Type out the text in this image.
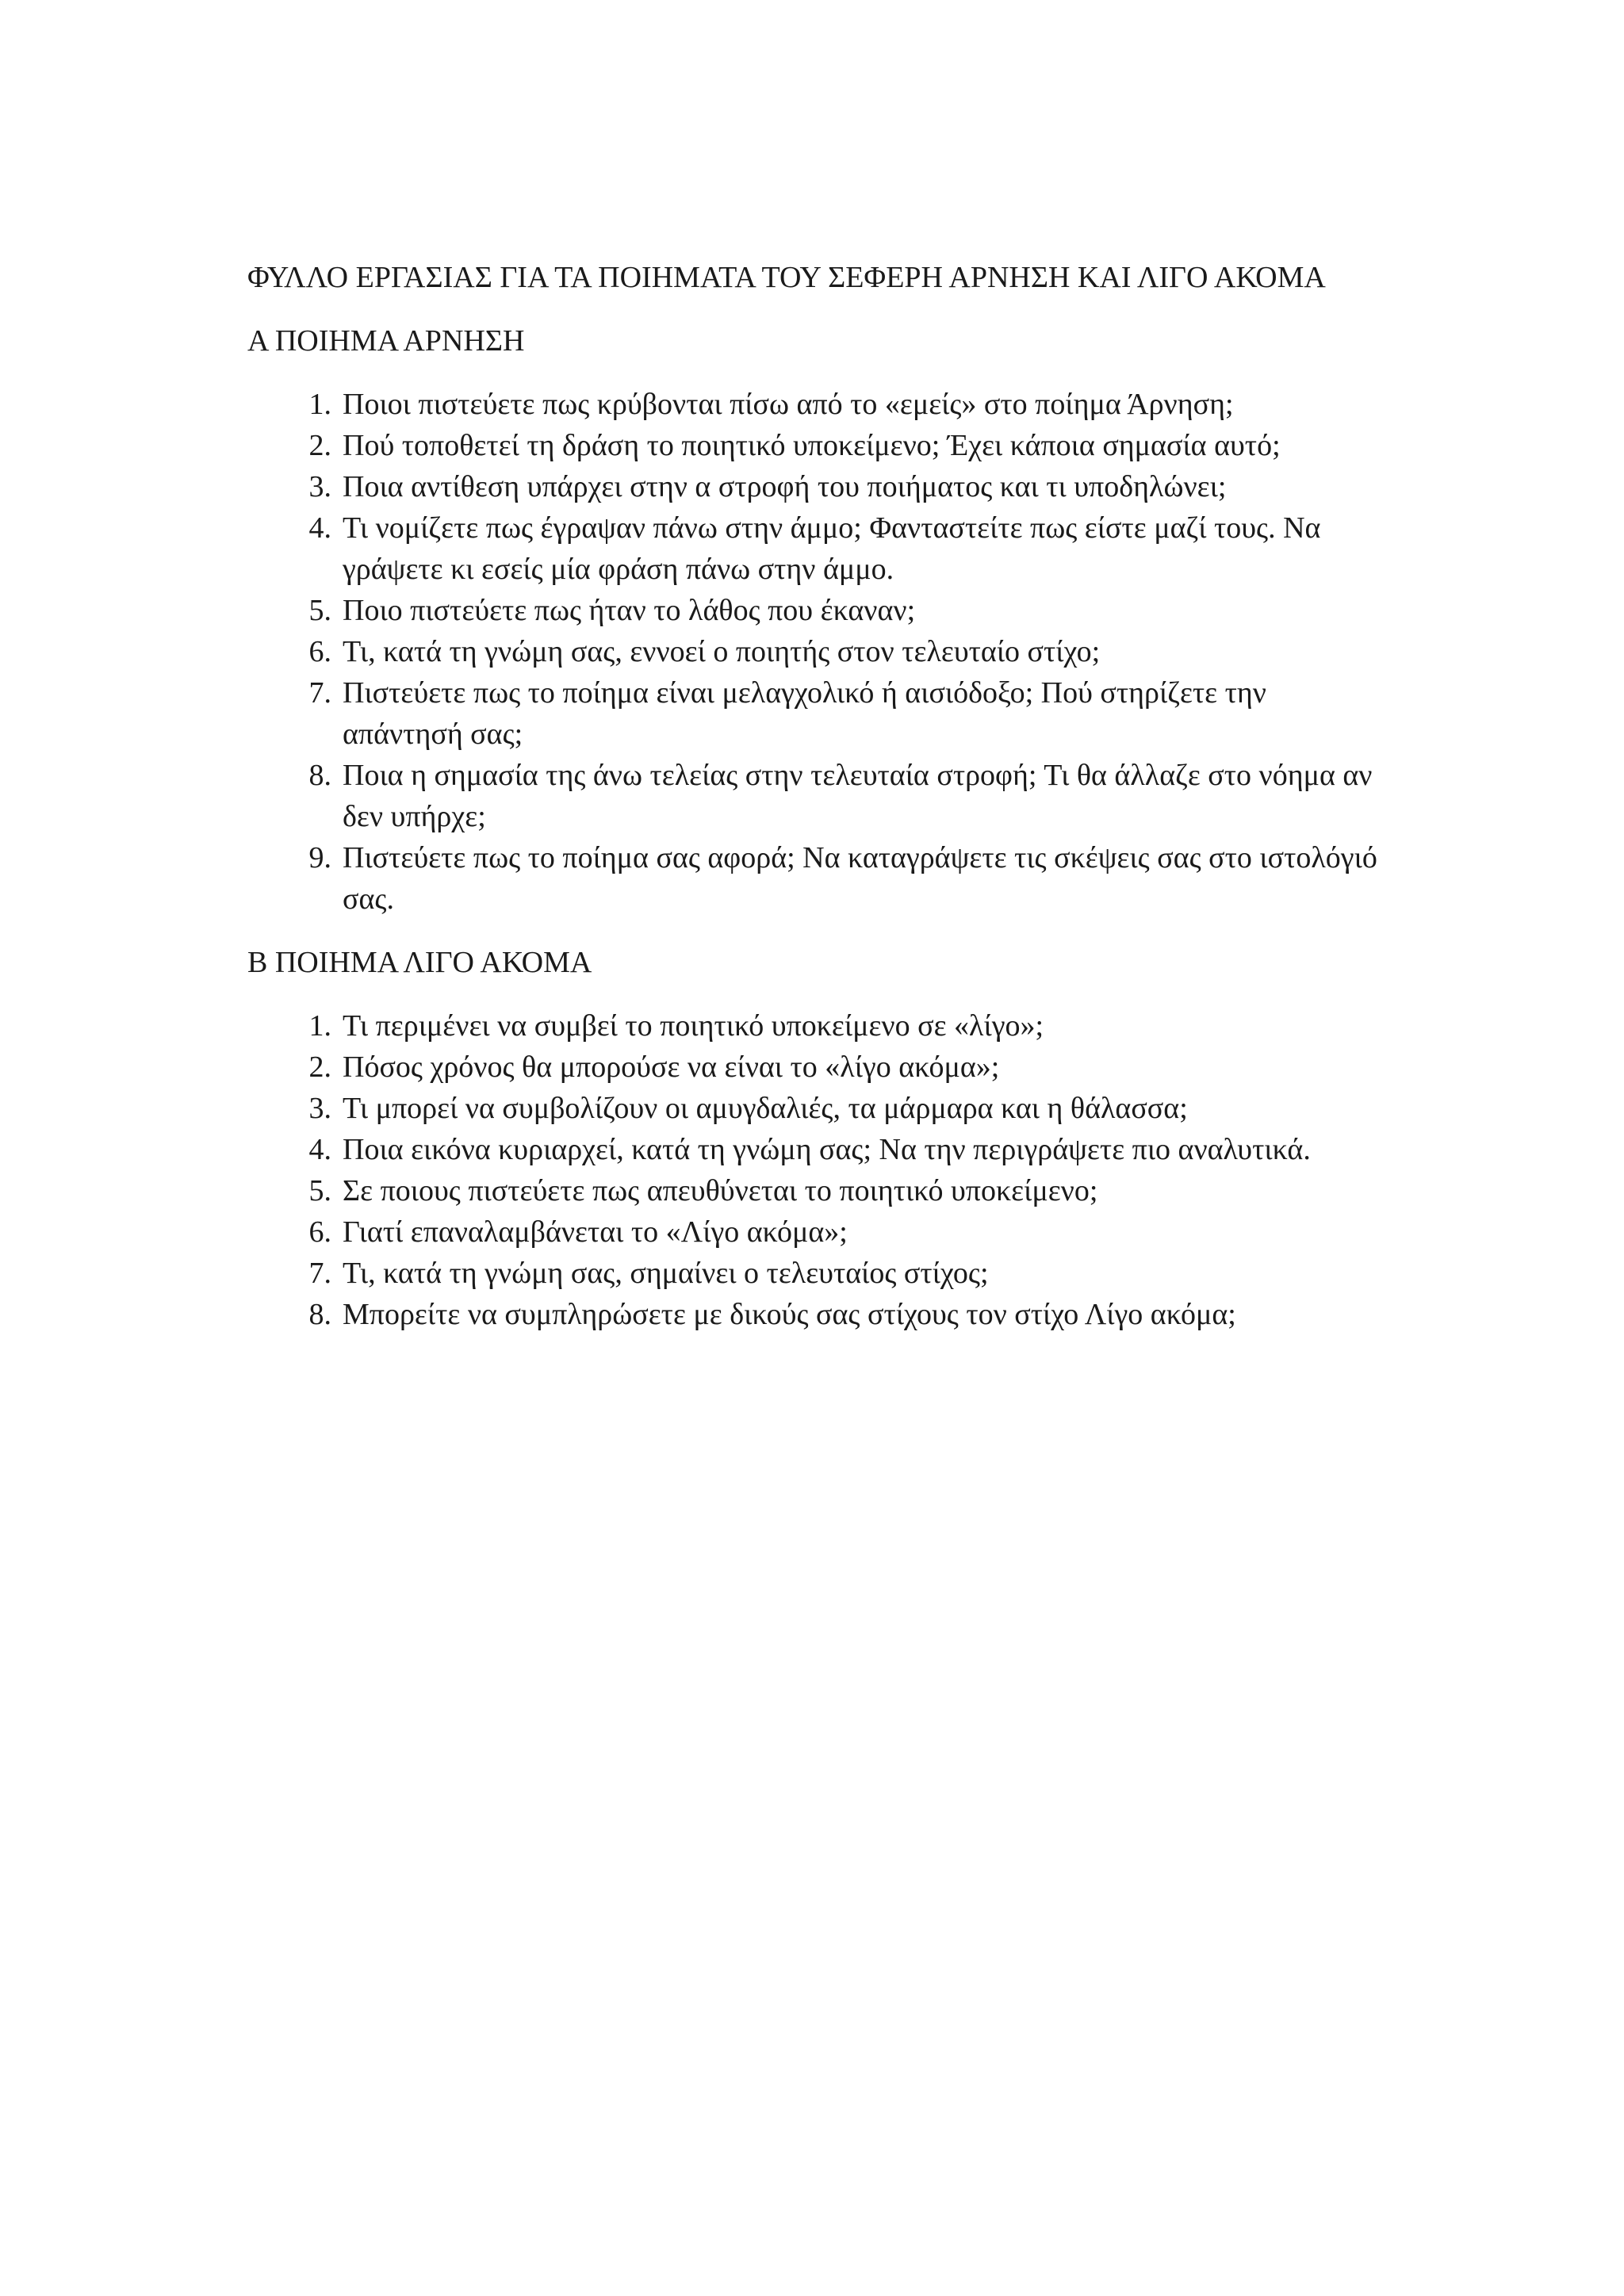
ΦΥΛΛΟ ΕΡΓΑΣΙΑΣ ΓΙΑ ΤΑ ΠΟΙΗΜΑΤΑ ΤΟΥ ΣΕΦΕΡΗ ΑΡΝΗΣΗ ΚΑΙ ΛΙΓΟ ΑΚΟΜΑ
Α ΠΟΙΗΜΑ ΑΡΝΗΣΗ
1. Ποιοι πιστεύετε πως κρύβονται πίσω από το «εμείς» στο ποίημα Άρνηση;
2. Πού τοποθετεί τη δράση το ποιητικό υποκείμενο; Έχει κάποια σημασία αυτό;
3. Ποια αντίθεση υπάρχει στην α στροφή του ποιήματος και τι υποδηλώνει;
4. Τι νομίζετε πως έγραψαν πάνω στην άμμο; Φανταστείτε πως είστε μαζί τους. Να γράψετε κι εσείς μία φράση πάνω στην άμμο.
5. Ποιο πιστεύετε πως ήταν το λάθος που έκαναν;
6. Τι, κατά τη γνώμη σας, εννοεί ο ποιητής στον τελευταίο στίχο;
7. Πιστεύετε πως το ποίημα είναι μελαγχολικό ή αισιόδοξο; Πού στηρίζετε την απάντησή σας;
8. Ποια η σημασία της άνω τελείας στην τελευταία στροφή; Τι θα άλλαζε στο νόημα αν δεν υπήρχε;
9. Πιστεύετε πως το ποίημα σας αφορά; Να καταγράψετε τις σκέψεις σας στο ιστολόγιό σας.
Β ΠΟΙΗΜΑ ΛΙΓΟ ΑΚΟΜΑ
1. Τι περιμένει να συμβεί το ποιητικό υποκείμενο σε «λίγο»;
2. Πόσος χρόνος θα μπορούσε να είναι το «λίγο ακόμα»;
3. Τι μπορεί να συμβολίζουν οι αμυγδαλιές, τα μάρμαρα και η θάλασσα;
4. Ποια εικόνα κυριαρχεί, κατά τη γνώμη σας; Να την περιγράψετε πιο αναλυτικά.
5. Σε ποιους πιστεύετε πως απευθύνεται το ποιητικό υποκείμενο;
6. Γιατί επαναλαμβάνεται το «Λίγο ακόμα»;
7. Τι, κατά τη γνώμη σας, σημαίνει ο τελευταίος στίχος;
8. Μπορείτε να συμπληρώσετε με δικούς σας στίχους τον στίχο Λίγο ακόμα;
